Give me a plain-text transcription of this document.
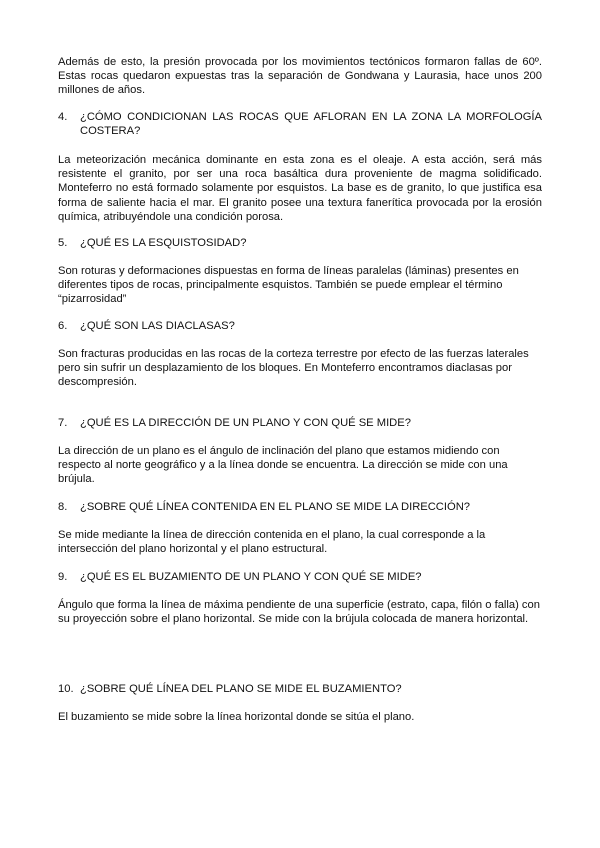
Además de esto, la presión provocada por los movimientos tectónicos formaron fallas de 60º. Estas rocas quedaron expuestas tras la separación de Gondwana y Laurasia, hace unos 200 millones de años.

4.	¿CÓMO CONDICIONAN LAS ROCAS QUE AFLORAN EN LA ZONA LA MORFOLOGÍA COSTERA?

La meteorización mecánica dominante en esta zona es el oleaje. A esta acción, será más resistente el granito, por ser una roca basáltica dura proveniente de magma solidificado. Monteferro no está formado solamente por esquistos. La base es de granito, lo que justifica esa forma de saliente hacia el mar. El granito posee una textura fanerítica provocada por la erosión química, atribuyéndole una condición porosa.

5.	¿QUÉ ES LA ESQUISTOSIDAD?

Son roturas y deformaciones dispuestas en forma de líneas paralelas (láminas) presentes en diferentes tipos de rocas, principalmente esquistos. También se puede emplear el término “pizarrosidad”

6.	¿QUÉ SON LAS DIACLASAS?

Son fracturas producidas en las rocas de la corteza terrestre por efecto de las fuerzas laterales pero sin sufrir un desplazamiento de los bloques. En Monteferro encontramos diaclasas por descompresión.

7.	¿QUÉ ES LA DIRECCIÓN DE UN PLANO Y CON QUÉ SE MIDE?

La dirección de un plano es el ángulo de inclinación del plano que estamos midiendo con respecto al norte geográfico y a la línea donde se encuentra. La dirección se mide con una brújula.

8.	¿SOBRE QUÉ LÍNEA CONTENIDA EN EL PLANO SE MIDE LA DIRECCIÓN?

Se mide mediante la línea de dirección contenida en el plano, la cual corresponde a la intersección del plano horizontal y el plano estructural.

9.	¿QUÉ ES EL BUZAMIENTO DE UN PLANO Y CON QUÉ SE MIDE?

Ángulo que forma la línea de máxima pendiente de una superficie (estrato, capa, filón o falla) con su proyección sobre el plano horizontal. Se mide con la brújula colocada de manera horizontal.

10. ¿SOBRE QUÉ LÍNEA DEL PLANO SE MIDE EL BUZAMIENTO?

El buzamiento se mide sobre la línea horizontal donde se sitúa el plano.
